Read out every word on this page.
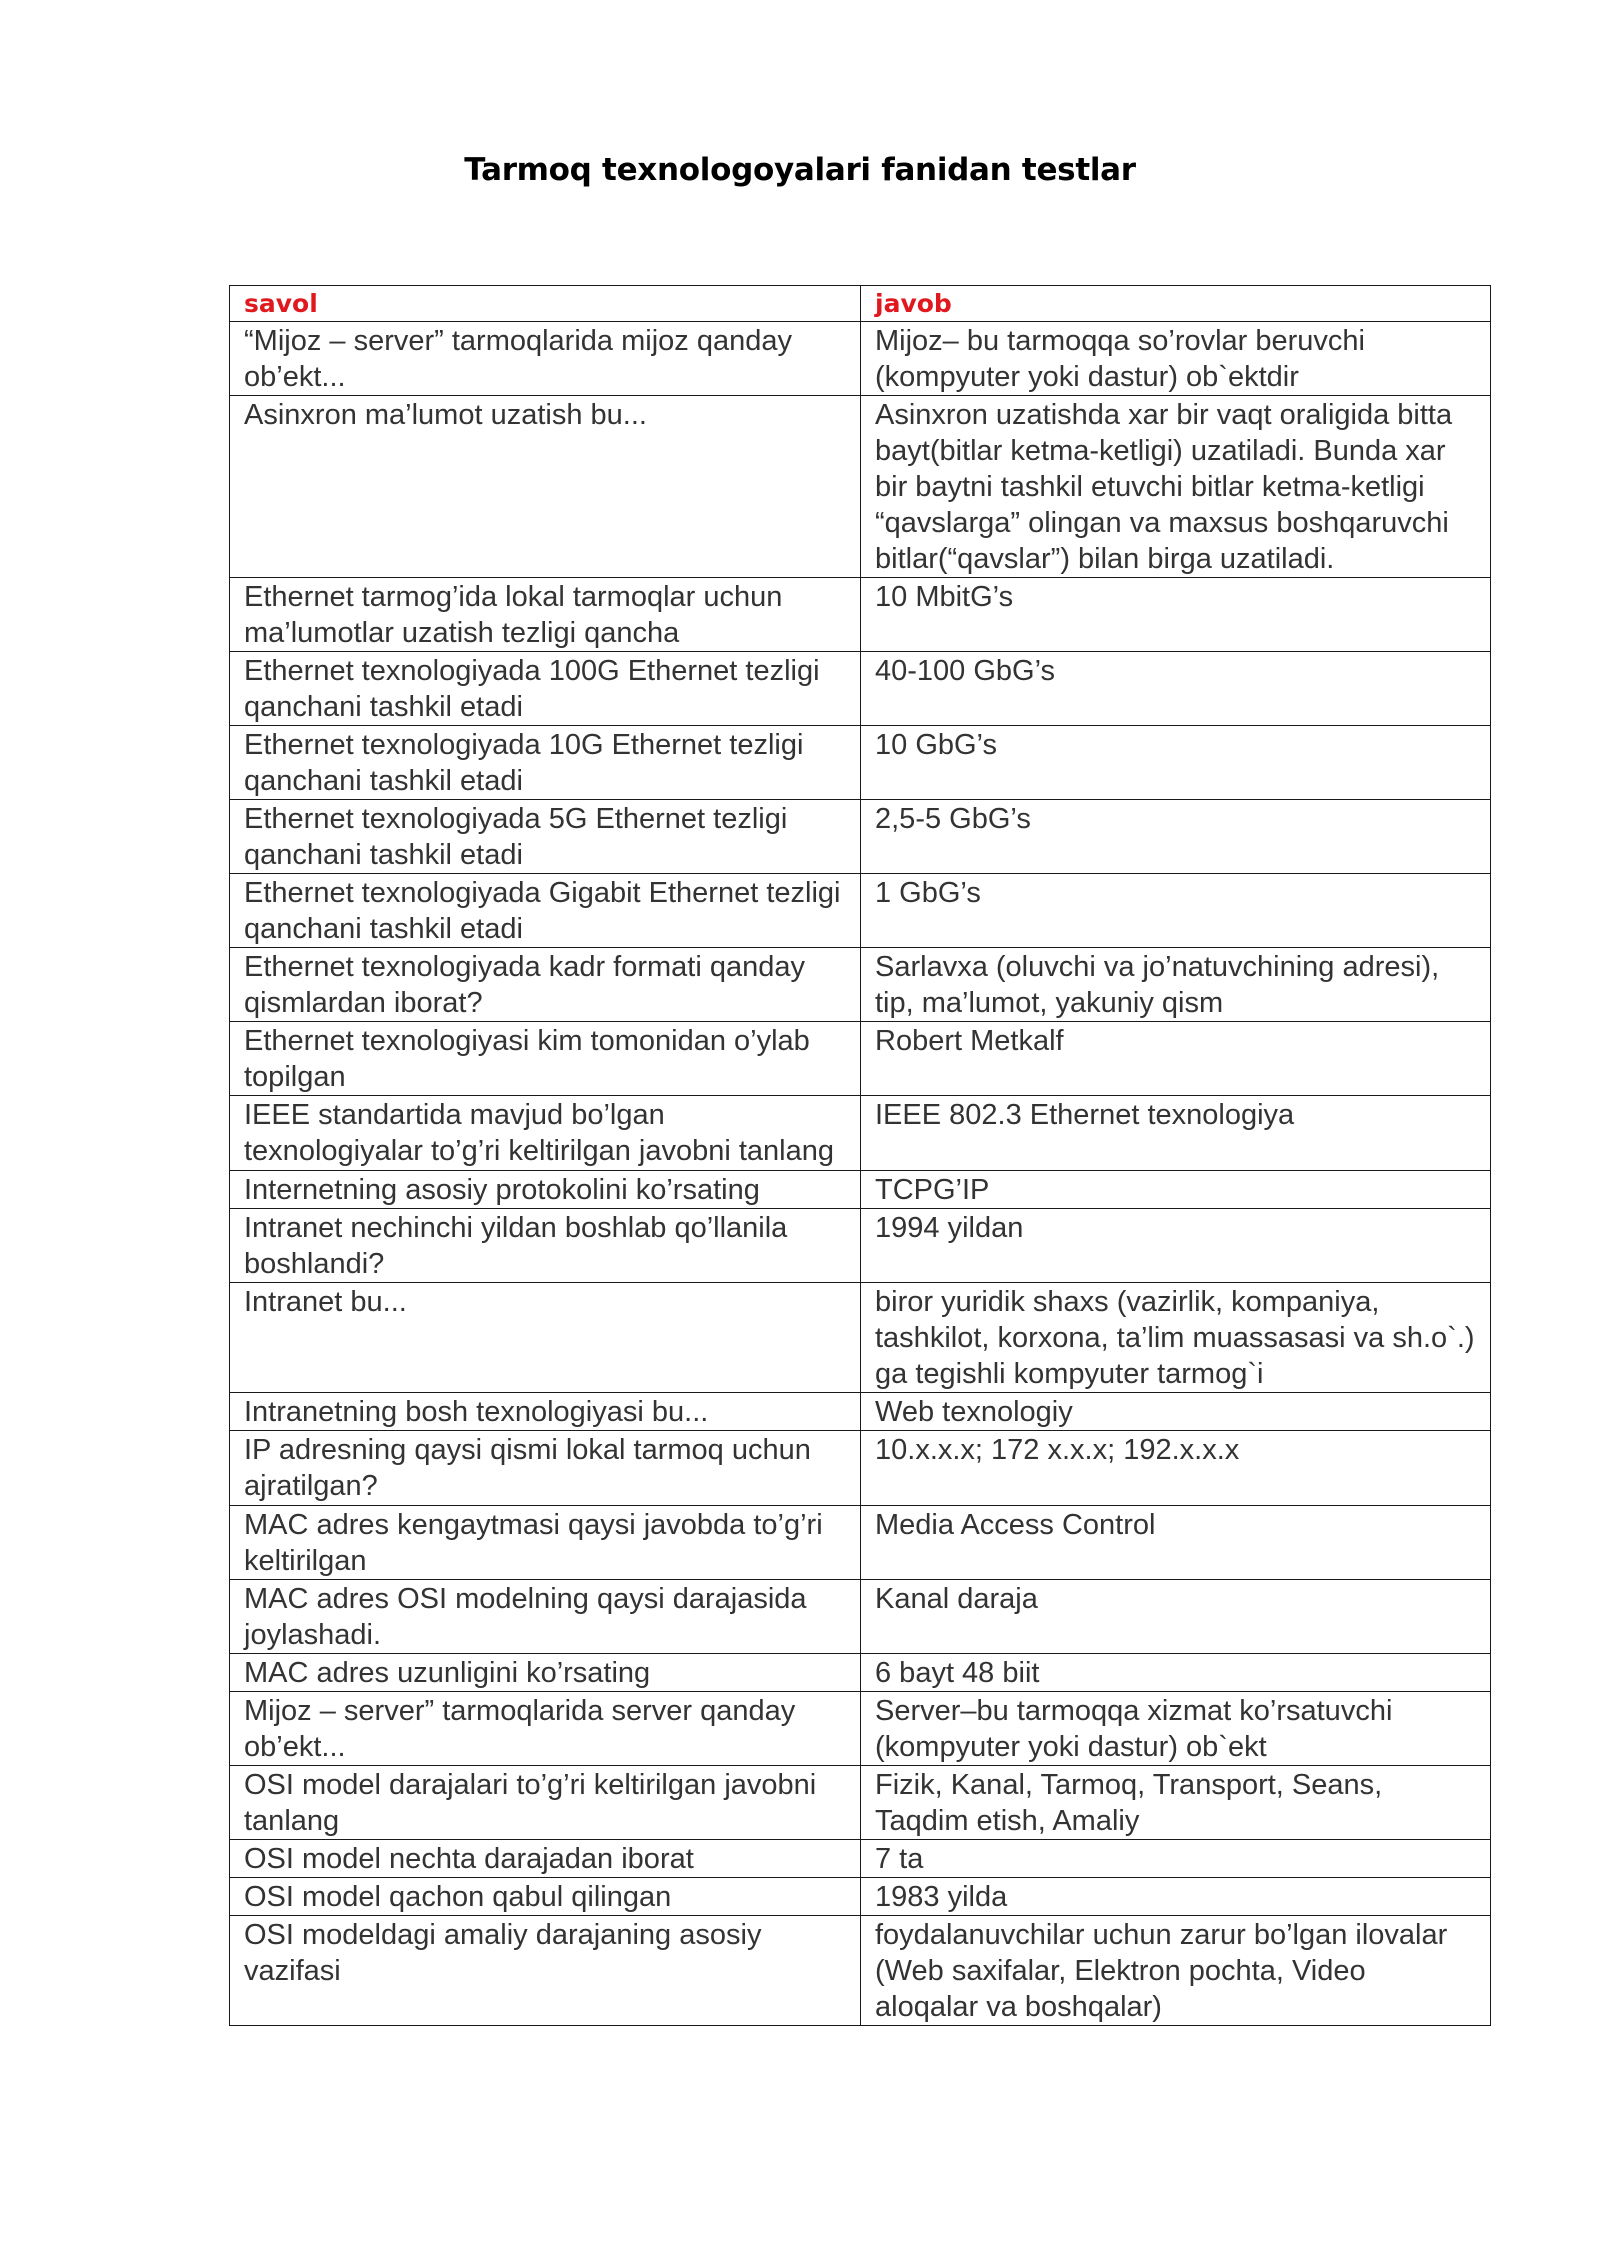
Tarmoq texnologoyalari fanidan testlar
savol	javob
“Mijoz – server” tarmoqlarida mijoz qanday ob’ekt...	Mijoz– bu tarmoqqa so’rovlar beruvchi (kompyuter yoki dastur) ob`ektdir
Asinxron ma’lumot uzatish bu...	Asinxron uzatishda xar bir vaqt oraligida bitta bayt(bitlar ketma-ketligi) uzatiladi. Bunda xar bir baytni tashkil etuvchi bitlar ketma-ketligi “qavslarga” olingan va maxsus boshqaruvchi bitlar(“qavslar”) bilan birga uzatiladi.
Ethernet tarmog’ida lokal tarmoqlar uchun ma’lumotlar uzatish tezligi qancha	10 MbitG’s
Ethernet texnologiyada 100G Ethernet tezligi qanchani tashkil etadi	40-100 GbG’s
Ethernet texnologiyada 10G Ethernet tezligi qanchani tashkil etadi	10 GbG’s
Ethernet texnologiyada 5G Ethernet tezligi qanchani tashkil etadi	2,5-5 GbG’s
Ethernet texnologiyada Gigabit Ethernet tezligi qanchani tashkil etadi	1 GbG’s
Ethernet texnologiyada kadr formati qanday qismlardan iborat?	Sarlavxa (oluvchi va jo’natuvchining adresi), tip, ma’lumot, yakuniy qism
Ethernet texnologiyasi kim tomonidan o’ylab topilgan	Robert Metkalf
IEEE standartida mavjud bo’lgan texnologiyalar to’g’ri keltirilgan javobni tanlang	IEEE 802.3 Ethernet texnologiya
Internetning asosiy protokolini ko’rsating	TCPG’IP
Intranet nechinchi yildan boshlab qo’llanila boshlandi?	1994 yildan
Intranet bu...	biror yuridik shaxs (vazirlik, kompaniya, tashkilot, korxona, ta’lim muassasasi va sh.o`.) ga tegishli kompyuter tarmog`i
Intranetning bosh texnologiyasi bu...	Web texnologiy
IP adresning qaysi qismi lokal tarmoq uchun ajratilgan?	10.x.x.x; 172 x.x.x; 192.x.x.x
MAC adres kengaytmasi qaysi javobda to’g’ri keltirilgan	Media Access Control
MAC adres OSI modelning qaysi darajasida joylashadi.	Kanal daraja
MAC adres uzunligini ko’rsating	6 bayt 48 biit
Mijoz – server” tarmoqlarida server qanday ob’ekt...	Server–bu tarmoqqa xizmat ko’rsatuvchi (kompyuter yoki dastur) ob`ekt
OSI model darajalari to’g’ri keltirilgan javobni tanlang	Fizik, Kanal, Tarmoq, Transport, Seans, Taqdim etish, Amaliy
OSI model nechta darajadan iborat	7 ta
OSI model qachon qabul qilingan	1983 yilda
OSI modeldagi amaliy darajaning asosiy vazifasi	foydalanuvchilar uchun zarur bo’lgan ilovalar (Web saxifalar, Elektron pochta, Video aloqalar va boshqalar)
